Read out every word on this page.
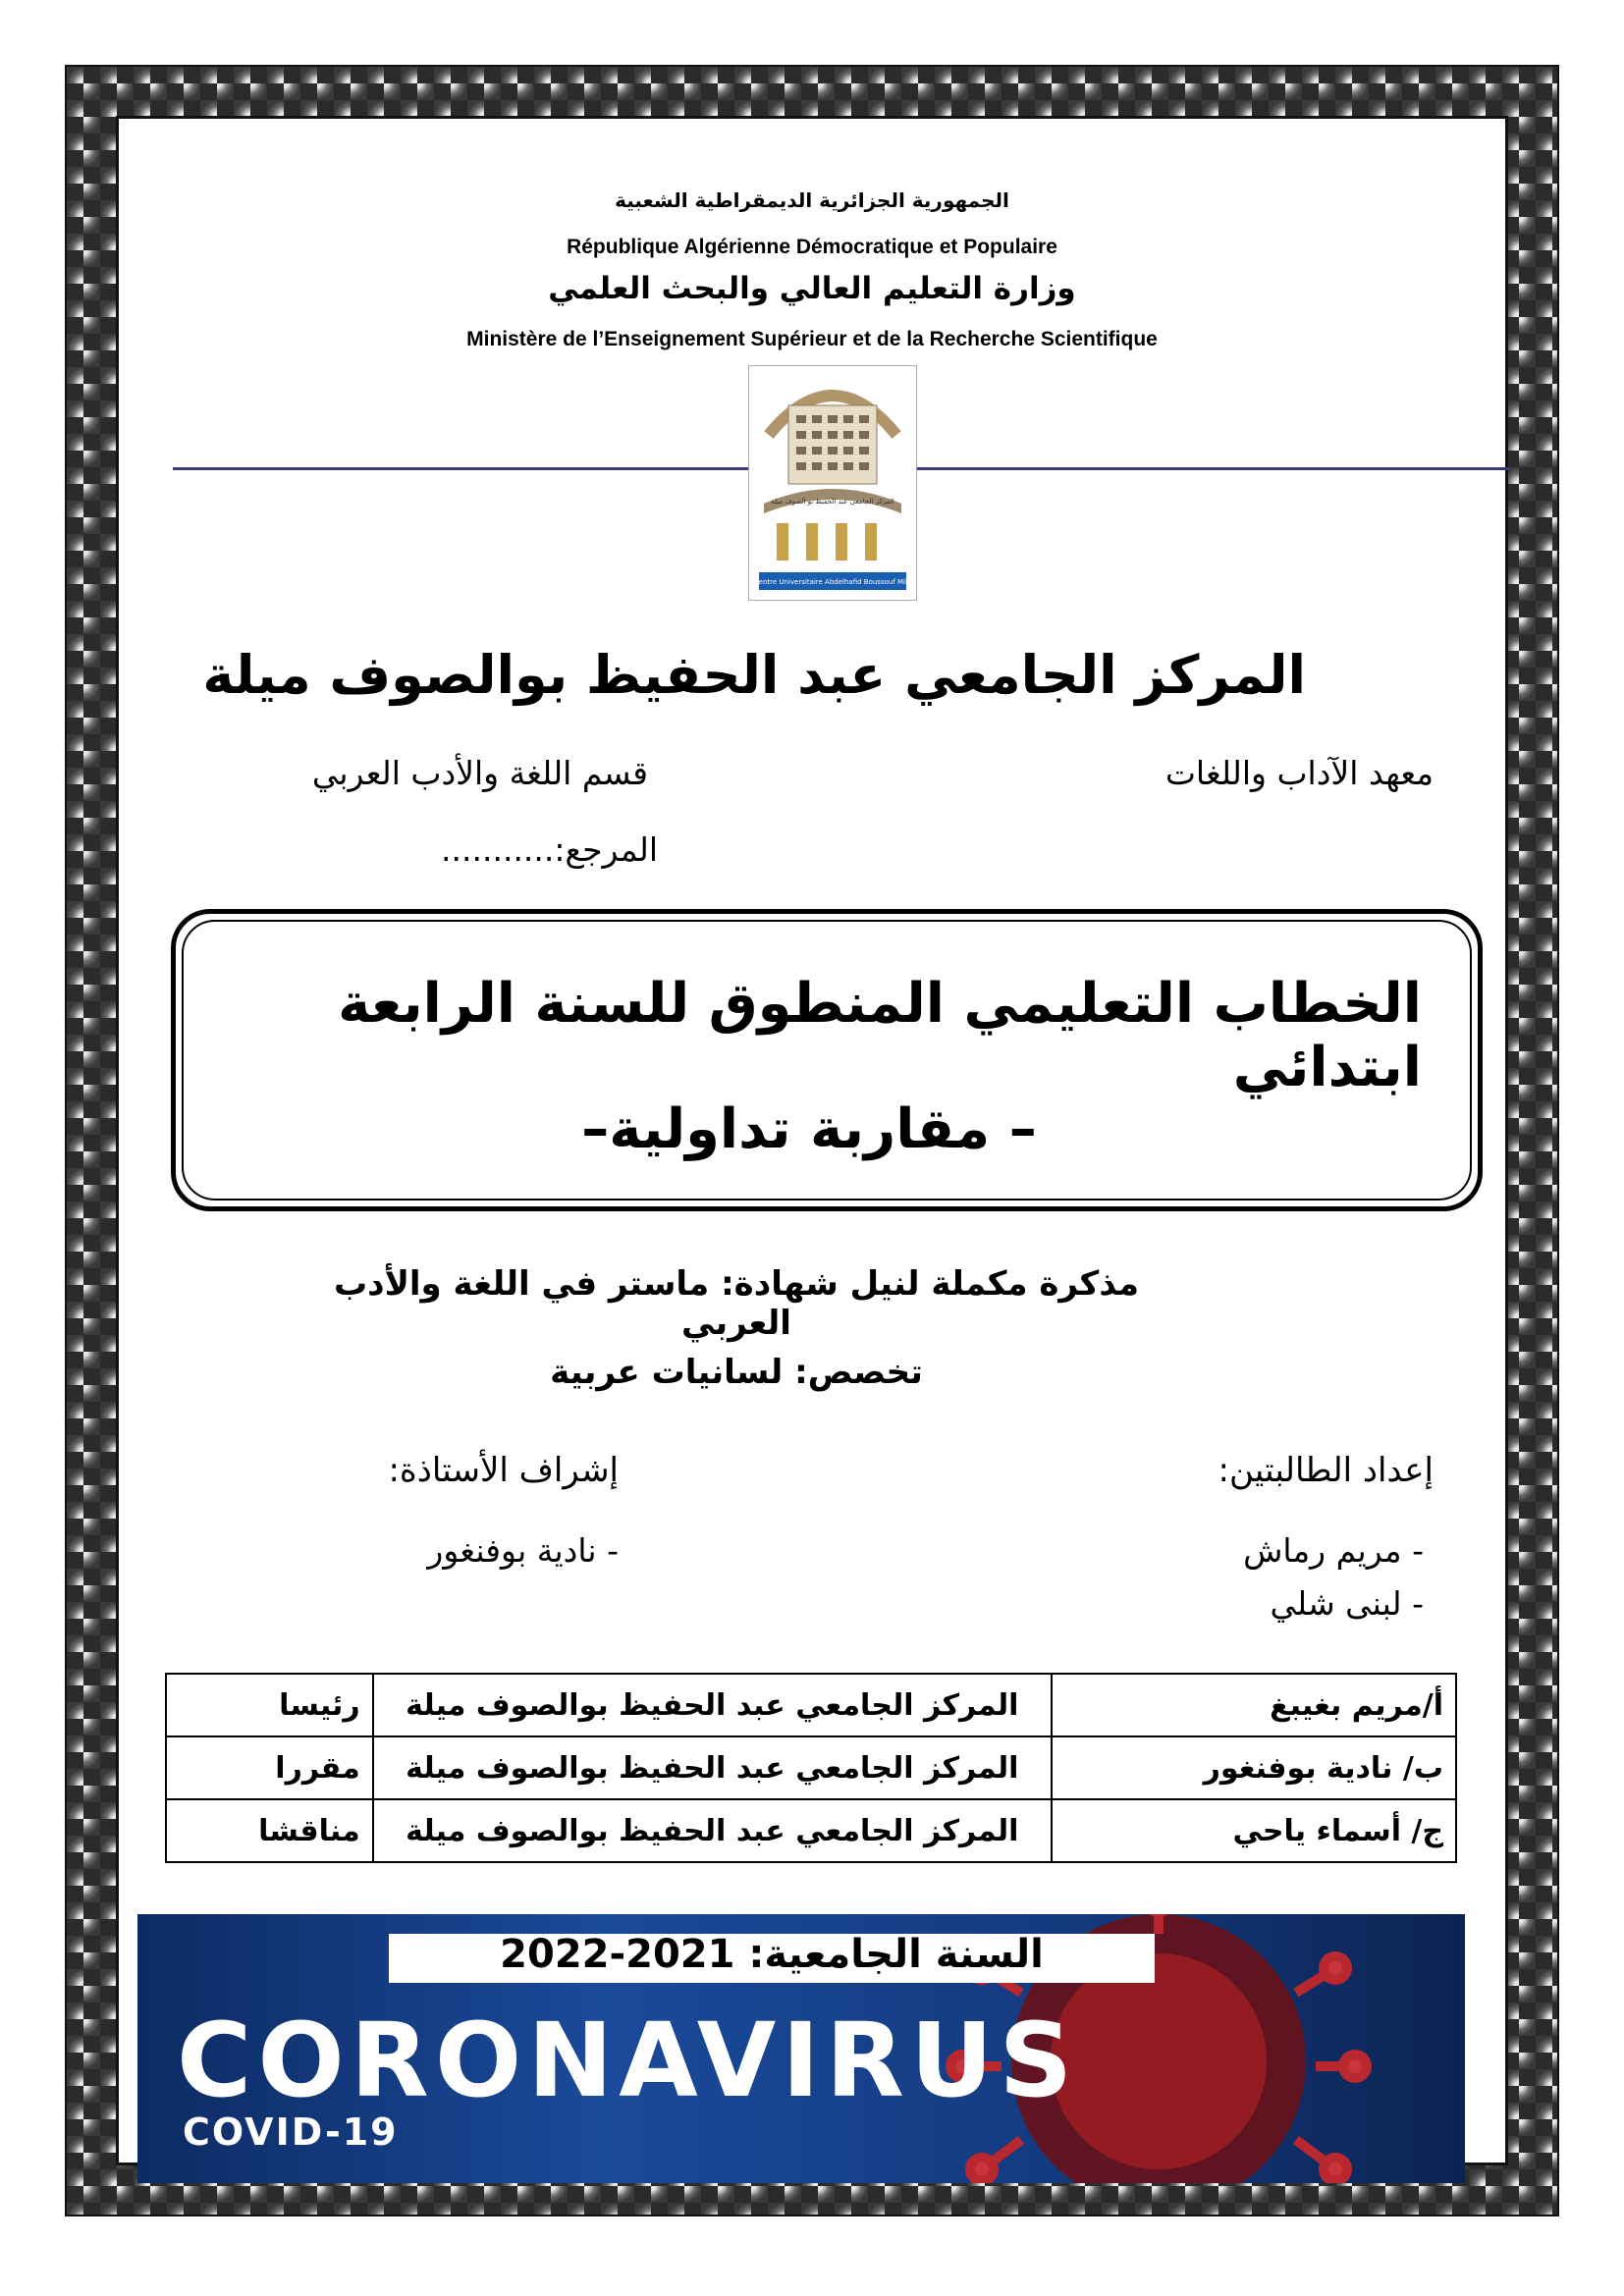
الجمهورية الجزائرية الديمقراطية الشعبية
République Algérienne Démocratique et Populaire
وزارة التعليم العالي والبحث العلمي
Ministère de l’Enseignement Supérieur et de la Recherche Scientifique
المركز الجامعي عبد الحفيظ بو الصوف ميلة
Centre Universitaire Abdelhafid Boussouf Mila
المركز الجامعي عبد الحفيظ بوالصوف ميلة
معهد الآداب واللغات
قسم اللغة والأدب العربي
المرجع:...........
الخطاب التعليمي المنطوق للسنة الرابعة ابتدائي
– مقاربة تداولية–
مذكرة مكملة لنيل شهادة: ماستر في اللغة والأدب العربي
تخصص: لسانيات عربية
إعداد الطالبتين:
إشراف الأستاذة:
- مريم رماش
- لبنى شلي
- نادية بوفنغور
أ/مريم بغيبغ	المركز الجامعي عبد الحفيظ بوالصوف ميلة	رئيسا
ب/ نادية بوفنغور	المركز الجامعي عبد الحفيظ بوالصوف ميلة	مقررا
ج/ أسماء ياحي	المركز الجامعي عبد الحفيظ بوالصوف ميلة	مناقشا
السنة الجامعية: 2021-2022
CORONAVIRUS
COVID-19
